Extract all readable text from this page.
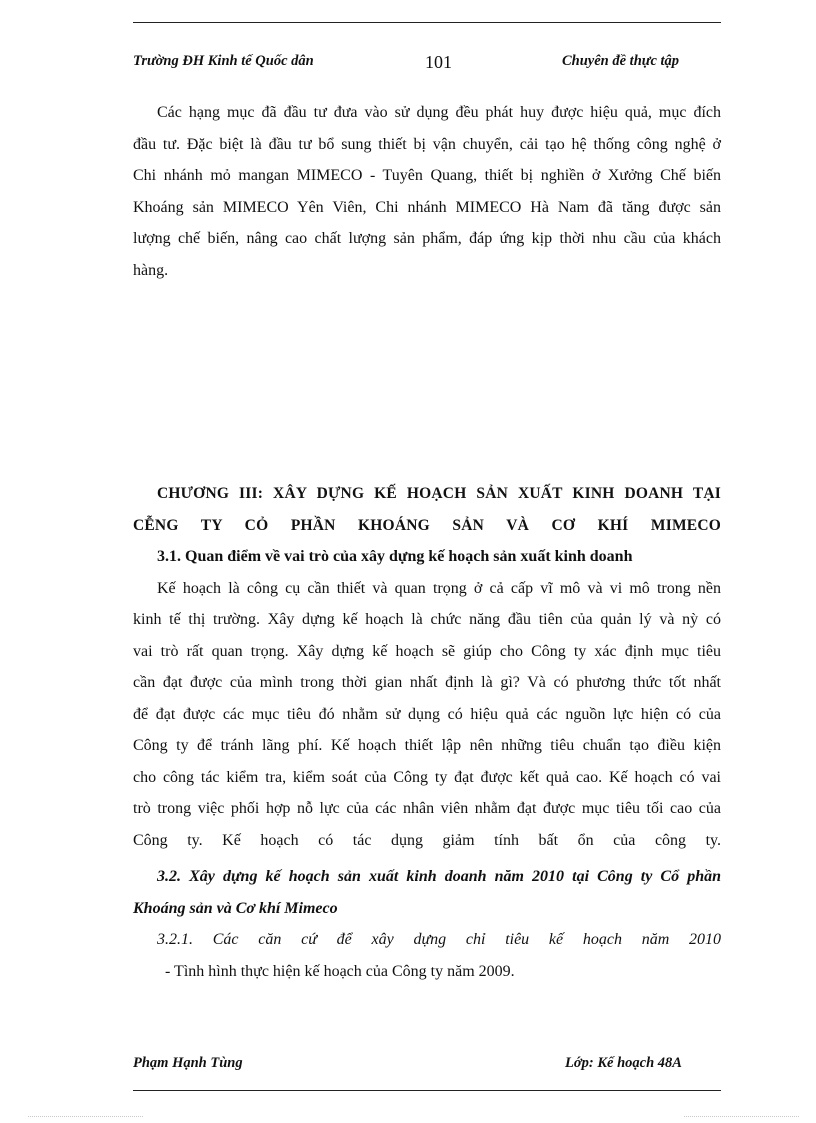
Trường ĐH Kinh tế Quốc dân	101	Chuyên đề thực tập
Các hạng mục đã đầu tư đưa vào sử dụng đều phát huy được hiệu quả, mục đích
đầu tư. Đặc biệt là đầu tư bổ sung thiết bị vận chuyển, cải tạo hệ thống công nghệ ở
Chi nhánh mỏ mangan MIMECO - Tuyên Quang, thiết bị nghiền ở Xưởng Chế biến
Khoáng sản MIMECO Yên Viên, Chi nhánh MIMECO Hà Nam đã tăng được sản
lượng chế biến, nâng cao chất lượng sản phẩm, đáp ứng kịp thời nhu cầu của khách
hàng.
CHƯƠNG III: XÂY DỰNG KẾ HOẠCH SẢN XUẤT KINH DOANH TẠI
CỄNG TY CỎ PHẦN KHOÁNG SẢN VÀ CƠ KHÍ MIMECO
3.1. Quan điểm về vai trò của xây dựng kế hoạch sản xuất kinh doanh
Kế hoạch là công cụ cần thiết và quan trọng ở cả cấp vĩ mô và vi mô trong nền
kinh tế thị trường. Xây dựng kế hoạch là chức năng đầu tiên của quản lý và nỳ có
vai trò rất quan trọng. Xây dựng kế hoạch sẽ giúp cho Công ty xác định mục tiêu
cần đạt được của mình trong thời gian nhất định là gì? Và có phương thức tốt nhất
để đạt được các mục tiêu đó nhằm sử dụng có hiệu quả các nguồn lực hiện có của
Công ty để tránh lãng phí. Kế hoạch thiết lập nên những tiêu chuẩn tạo điều kiện
cho công tác kiểm tra, kiểm soát của Công ty đạt được kết quả cao. Kế hoạch có vai
trò trong việc phối hợp nỗ lực của các nhân viên nhằm đạt được mục tiêu tối cao của
Công ty. Kế hoạch có tác dụng giảm tính bất ổn của công ty.
3.2. Xây dựng kế hoạch sản xuất kinh doanh năm 2010 tại Công ty Cổ phần
Khoáng sản và Cơ khí Mimeco
3.2.1. Các căn cứ để xây dựng chỉ tiêu kế hoạch năm 2010
- Tình hình thực hiện kế hoạch của Công ty năm 2009.
Phạm Hạnh Tùng	Lớp: Kế hoạch 48A
